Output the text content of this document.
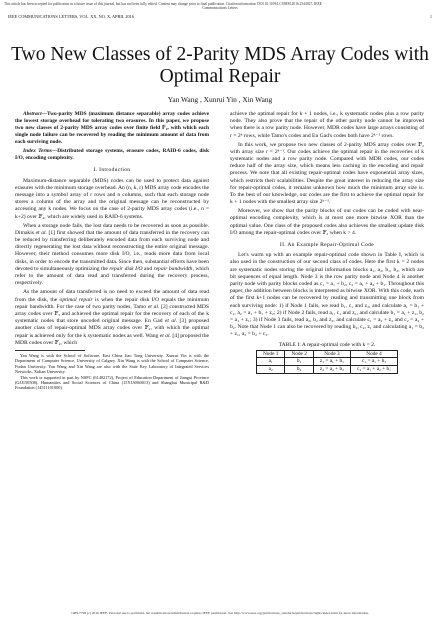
This article has been accepted for publication in a future issue of this journal, but has not been fully edited. Content may change prior to final publication. Citation information: DOI 10.1109/LCOMM.2016.2544927, IEEE
Communications Letters
IEEE COMMUNICATIONS LETTERS, VOL. XX, NO. X, APRIL 2016	1
Two New Classes of 2-Parity MDS Array Codes with Optimal Repair
Yan Wang , Xunrui Yin , Xin Wang

Abstract—Two-parity MDS (maximum distance separable) array codes achieve the lowest storage overhead for tolerating two erasures. In this paper, we propose two new classes of 2-parity MDS array codes over finite field 𝔽₂, with which each single node failure can be recovered by reading the minimum amount of data from each surviving node.

Index Terms—Distributed storage systems, erasure codes, RAID-6 codes, disk I/O, encoding complexity.

I. Introduction

Maximum-distance separable (MDS) codes can be used to protect data against erasures with the minimum storage overhead. An (n, k, r) MDS array code encodes the message into a symbol array of r rows and n columns, such that each storage node stores a column of the array and the original message can be reconstructed by accessing any k nodes. We focus on the case of 2-parity MDS array codes (i.e., n = k+2) over 𝔽₂, which are widely used in RAID-6 systems.

When a storage node fails, the lost data needs to be recovered as soon as possible. Dimakis et al. [1] first showed that the amount of data transferred in the recovery can be reduced by transferring deliberately encoded data from each surviving node and directly regenerating the lost data without reconstructing the entire original message. However, their method consumes more disk I/O, i.e., reads more data from local disks, in order to encode the transmitted data. Since then, substantial efforts have been devoted to simultaneously optimizing the repair disk I/O and repair bandwidth, which refer to the amount of data read and transferred during the recovery process, respectively.

As the amount of data transferred is no need to exceed the amount of data read from the disk, the optimal repair is when the repair disk I/O equals the minimum repair bandwidth. For the case of two parity nodes, Tamo et al. [2] constructed MDS array codes over 𝔽₃ and achieved the optimal repair for the recovery of each of the k systematic nodes that store uncoded original message. En Gad et al. [3] proposed another class of repair-optimal MDS array codes over 𝔽₂, with which the optimal repair is achieved only for the k systematic nodes as well. Wang et al. [4] proposed the MDR codes over 𝔽₂, which

Yan Wang is with the School of Software, East China Jiao Tong University. Xunrui Yin is with the Department of Computer Science, University of Calgary. Xin Wang is with the School of Computer Science, Fudan University. Yan Wang and Xin Wang are also with the State Key Laboratory of Integrated Services Networks, Xidian University.

This work is supported in part by NSFC (61402172), Project of Education Department of Jiangxi Province (GJJ150508), Humanities and Social Sciences of China (15YJA860013) and Shanghai Municipal R&D Foundation (14511101000).

achieve the optimal repair for k + 1 nodes, i.e., k systematic nodes plus a row parity node. They also prove that the repair of the other parity node cannot be improved when there is a row parity node. However, MDR codes have large arrays consisting of r = 2ᵏ rows, while Tamo's codes and En Gad's codes both have 2ᵏ⁻¹ rows.

In this work, we propose two new classes of 2-parity MDS array codes over 𝔽₂ with array size r = 2ᵏ⁻¹. Our codes achieve the optimal repair in the recoveries of k systematic nodes and a row parity node. Compared with MDR codes, our codes reduce half of the array size, which means less caching in the encoding and repair process. We note that all existing repair-optimal codes have exponential array sizes, which restricts their scalabilities. Despite the great interest in reducing the array size for repair-optimal codes, it remains unknown how much the minimum array size is. To the best of our knowledge, our codes are the first to achieve the optimal repair for k + 1 nodes with the smallest array size 2ᵏ⁻¹.

Moreover, we show that the parity blocks of our codes can be coded with near-optimal encoding complexity, which is at most one more bitwise XOR than the optimal value. One class of the proposed codes also achieves the smallest update disk I/O among the repair-optimal codes over 𝔽₂ when k > 4.

II. An Example Repair-Optimal Code

Let's warm up with an example repair-optimal code shown in Table I, which is also used in the construction of our second class of codes. Here the first k = 2 nodes are systematic nodes storing the original information blocks a₁, a₂, b₁, b₂, which are bit sequences of equal length. Node 3 is the row parity node and Node 4 is another parity node with parity blocks coded as c₁ = a₁ + b₂, c₂ = a₁ + a₂ + b₁. Throughout this paper, the addition between blocks is interpreted as bitwise XOR. With this code, each of the first k+1 nodes can be recovered by reading and transmitting one block from each surviving node: 1) if Node 1 fails, we read b₁, c₁ and z₂, and calculate a₁ = b₁ + c₁, a₂ = a₁ + b₁ + z₂; 2) if Node 2 fails, read a₁, c₁ and z₁, and calculate b₁ = a₁ + z₁, b₂ = a₁ + z₁; 3) if Node 3 fails, read a₂, b₂ and z₂, and calculate c₁ = a₂ + z₂ and c₂ = a₂ + b₂. Note that Node 1 can also be recovered by reading b₂, c₂, z₁ and calculating a₁ = b₂ + z₁, a₂ = b₂ + c₂.

TABLE I: A repair-optimal code with k = 2.
Node 1	Node 2	Node 3	Node 4
a₁	b₁	z₁ = a₁ + b₁	c₁ = a₁ + b₂
a₂	b₂	z₂ = a₂ + b₂	c₂ = a₁ + a₂ + b₁
1089-7798 (c) 2016 IEEE. Personal use is permitted, but republication/redistribution requires IEEE permission. See http://www.ieee.org/publications_standards/publications/rights/index.html for more information.
